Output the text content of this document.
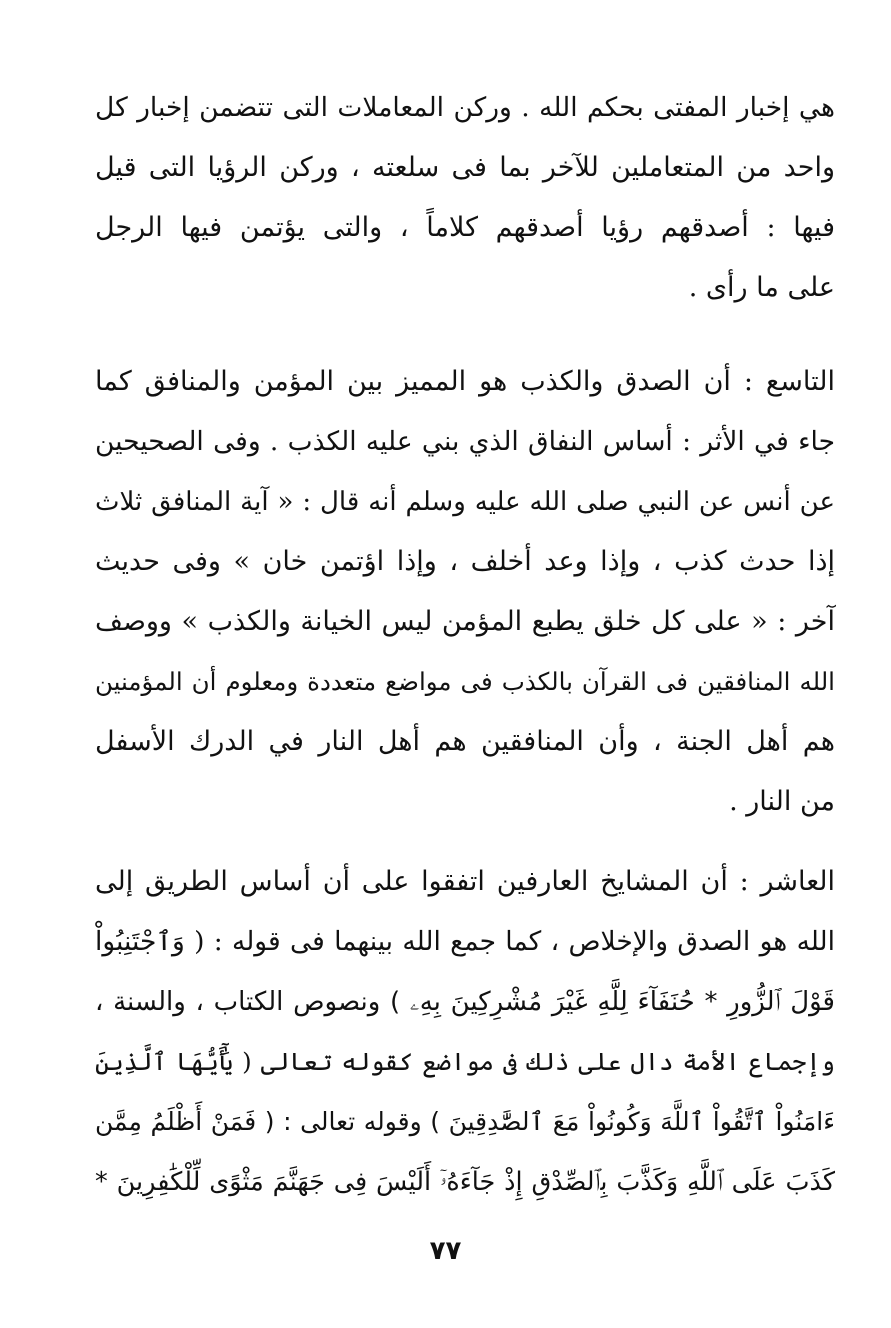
هي إخبار المفتى بحكم الله . وركن المعاملات التى تتضمن إخبار كل
واحد من المتعاملين للآخر بما فى سلعته ، وركن الرؤيا التى قيل
فيها : أصدقهم رؤيا أصدقهم كلاماً ، والتى يؤتمن فيها الرجل
على ما رأى .
التاسع : أن الصدق والكذب هو المميز بين المؤمن والمنافق كما
جاء في الأثر : أساس النفاق الذي بني عليه الكذب . وفى الصحيحين
عن أنس عن النبي صلى الله عليه وسلم أنه قال : « آية المنافق ثلاث
إذا حدث كذب ، وإذا وعد أخلف ، وإذا اؤتمن خان » وفى حديث
آخر : « على كل خلق يطبع المؤمن ليس الخيانة والكذب » ووصف
الله المنافقين فى القرآن بالكذب فى مواضع متعددة ومعلوم أن المؤمنين
هم أهل الجنة ، وأن المنافقين هم أهل النار في الدرك الأسفل
من النار .
العاشر : أن المشايخ العارفين اتفقوا على أن أساس الطريق إلى
الله هو الصدق والإخلاص ، كما جمع الله بينهما فى قوله : ( وَٱجْتَنِبُواْ
قَوْلَ ٱلزُّورِ * حُنَفَآءَ لِلَّهِ غَيْرَ مُشْرِكِينَ بِهِۦ ) ونصوص الكتاب ، والسنة ،
وإجماع الأمة دال على ذلك فى مواضع كقوله تعالى ( يَٰٓأَيُّهَا ٱلَّذِينَ
ءَامَنُواْ ٱتَّقُواْ ٱللَّهَ وَكُونُواْ مَعَ ٱلصَّٰدِقِينَ ) وقوله تعالى : ( فَمَنْ أَظْلَمُ مِمَّن
كَذَبَ عَلَى ٱللَّهِ وَكَذَّبَ بِٱلصِّدْقِ إِذْ جَآءَهُۥٓ أَلَيْسَ فِى جَهَنَّمَ مَثْوًى لِّلْكَٰفِرِينَ *
٧٧
